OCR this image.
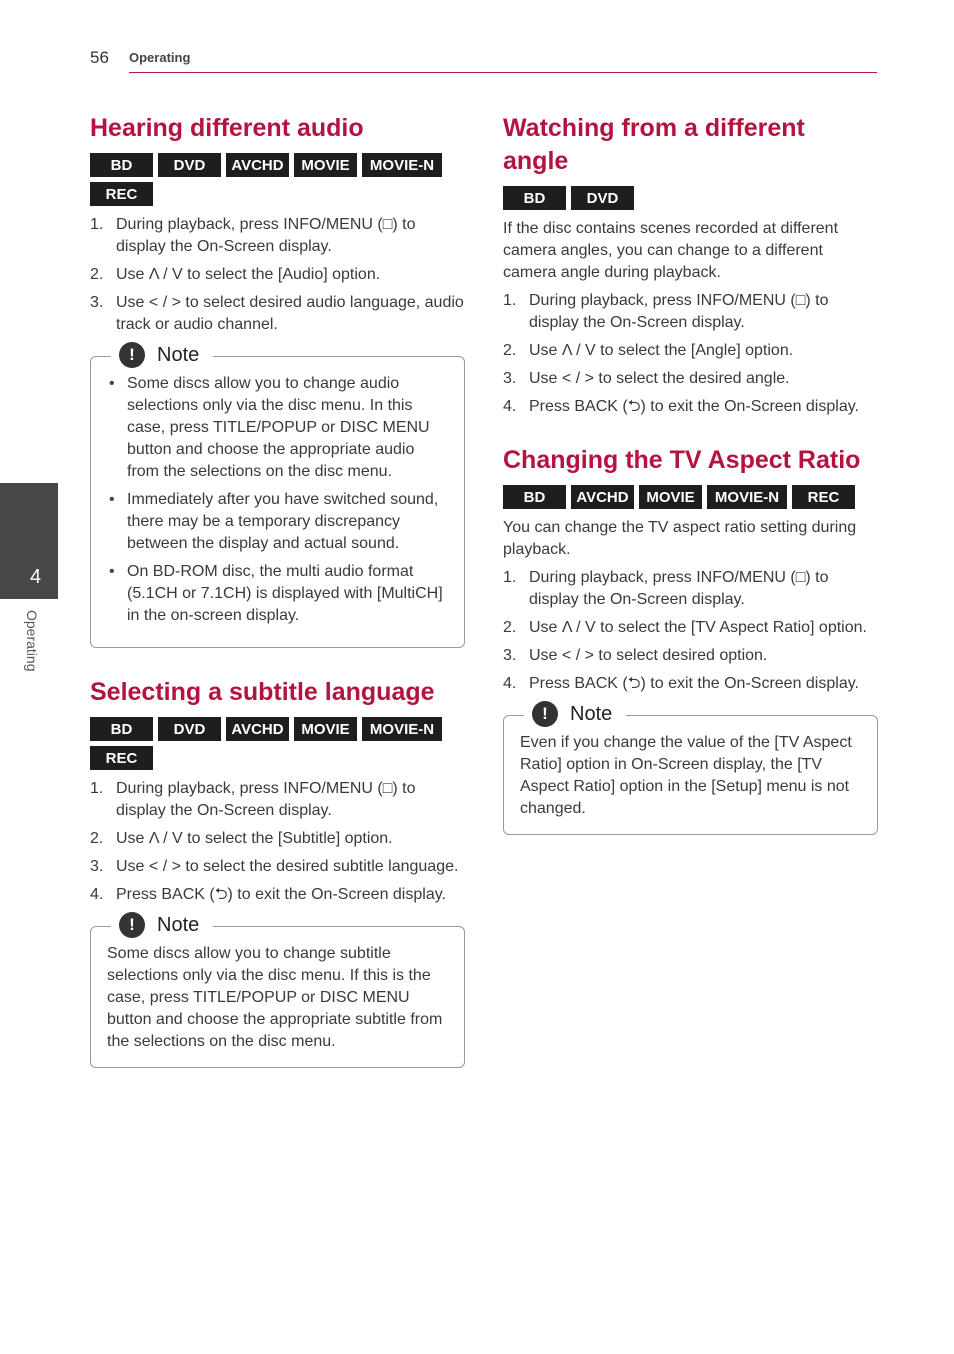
56 Operating
4
Operating
Hearing different audio
BD	DVD	AVCHD	MOVIE	MOVIE-N
REC
1. During playback, press INFO/MENU (□) to display the On-Screen display.
2. Use Λ / V to select the [Audio] option.
3. Use < / > to select desired audio language, audio track or audio channel.
!	Note
• Some discs allow you to change audio selections only via the disc menu. In this case, press TITLE/POPUP or DISC MENU button and choose the appropriate audio from the selections on the disc menu.
• Immediately after you have switched sound, there may be a temporary discrepancy between the display and actual sound.
• On BD-ROM disc, the multi audio format (5.1CH or 7.1CH) is displayed with [MultiCH] in the on-screen display.
Selecting a subtitle language
BD	DVD	AVCHD	MOVIE	MOVIE-N
REC
1. During playback, press INFO/MENU (□) to display the On-Screen display.
2. Use Λ / V to select the [Subtitle] option.
3. Use < / > to select the desired subtitle language.
4. Press BACK (⮌) to exit the On-Screen display.
!	Note

Some discs allow you to change subtitle selections only via the disc menu. If this is the case, press TITLE/POPUP or DISC MENU button and choose the appropriate subtitle from the selections on the disc menu.

Watching from a different angle
BD	DVD

If the disc contains scenes recorded at different camera angles, you can change to a different camera angle during playback.

1. During playback, press INFO/MENU (□) to display the On-Screen display.
2. Use Λ / V to select the [Angle] option.
3. Use < / > to select the desired angle.
4. Press BACK (⮌) to exit the On-Screen display.
Changing the TV Aspect Ratio
BD	AVCHD	MOVIE	MOVIE-N	REC

You can change the TV aspect ratio setting during playback.

1. During playback, press INFO/MENU (□) to display the On-Screen display.
2. Use Λ / V to select the [TV Aspect Ratio] option.
3. Use < / > to select desired option.
4. Press BACK (⮌) to exit the On-Screen display.
!	Note

Even if you change the value of the [TV Aspect Ratio] option in On-Screen display, the [TV Aspect Ratio] option in the [Setup] menu is not changed.
